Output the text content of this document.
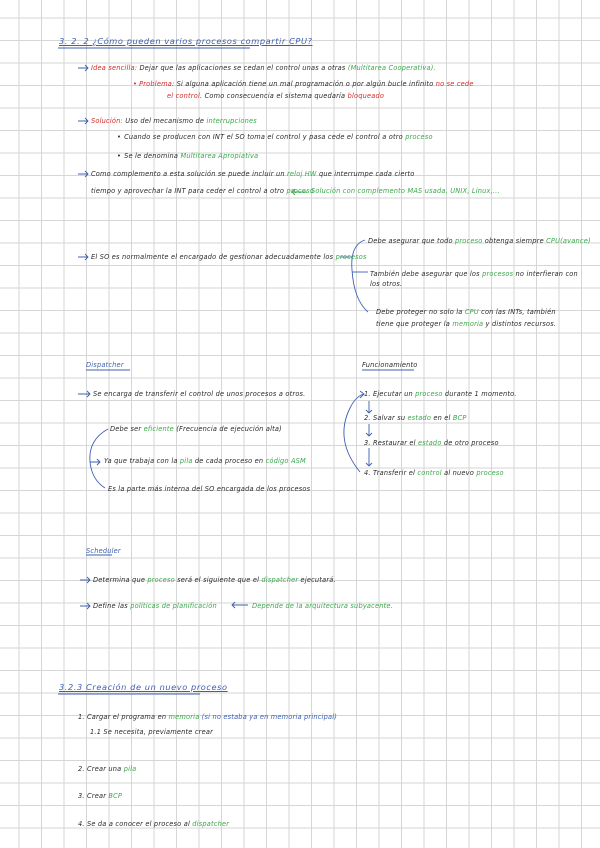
3. 2. 2 ¿Cómo pueden varios procesos compartir CPU?
Idea sencilla: Dejar que las aplicaciones se cedan el control unas a otras (Multitarea Cooperativa).
• Problema: Si alguna aplicación tiene un mal programación o por algún bucle infinito no se cede
el control. Como consecuencia el sistema quedaría bloqueado
Solución: Uso del mecanismo de interrupciones
• Cuando se producen con INT el SO toma el control y pasa cede el control a otro proceso
• Se le denomina Multitarea Apropiativa
Como complemento a esta solución se puede incluir un reloj HW que interrumpe cada cierto
tiempo y aprovechar la INT para ceder el control a otro proceso
Solución con complemento MAS usada. UNIX, Linux,...
El SO es normalmente el encargado de gestionar adecuadamente los procesos
Debe asegurar que todo proceso obtenga siempre CPU(avance)
También debe asegurar que los procesos no interfieran con
los otros.
Debe proteger no solo la CPU con las INTs, también
tiene que proteger la memoria y distintos recursos.
Dispatcher
Se encarga de transferir el control de unos procesos a otros.
Debe ser eficiente (Frecuencia de ejecución alta)
Ya que trabaja con la pila de cada proceso en código ASM
Es la parte más interna del SO encargada de los procesos
Funcionamiento
1. Ejecutar un proceso durante 1 momento.
2. Salvar su estado en el BCP
3. Restaurar el estado de otro proceso
4. Transferir el control al nuevo proceso
Scheduler
Determina que proceso será el siguiente que el dispatcher ejecutará.
Define las políticas de planificación	Depende de la arquitectura subyacente.
3.2.3 Creación de un nuevo proceso
1. Cargar el programa en memoria (si no estaba ya en memoria principal)
1.1 Se necesita, previamente crear
2. Crear una pila
3. Crear BCP
4. Se da a conocer el proceso al dispatcher
